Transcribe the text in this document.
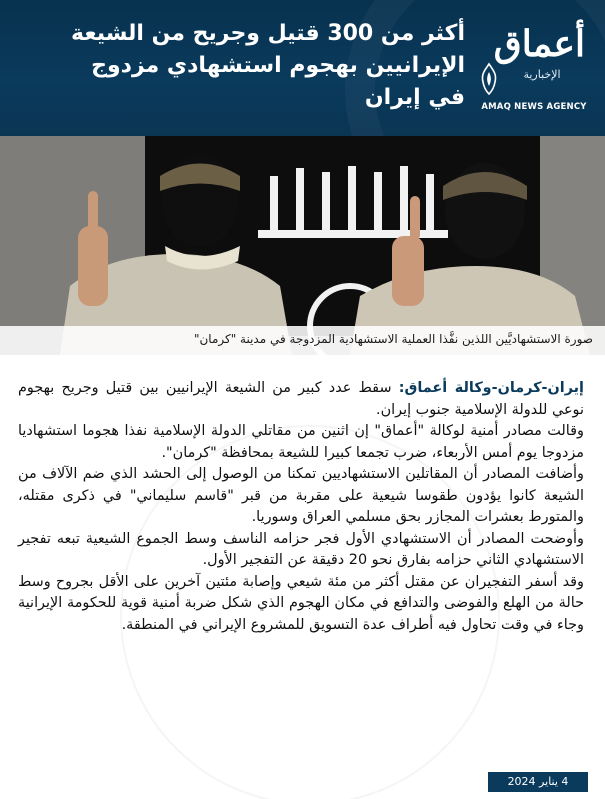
أكثر من 300 قتيل وجريح من الشيعة
الإيرانيين بهجوم استشهادي مزدوج
في إيران
أعماق
الإخبارية
AMAQ NEWS AGENCY
صورة الاستشهاديَّين اللذين نفَّذا العملية الاستشهادية المزدوجة في مدينة "كرمان"

إيران-كرمان-وكالة أعماق: سقط عدد كبير من الشيعة الإيرانيين بين قتيل وجريح بهجوم نوعي للدولة الإسلامية جنوب إيران.

وقالت مصادر أمنية لوكالة "أعماق" إن اثنين من مقاتلي الدولة الإسلامية نفذا هجوما استشهاديا مزدوجا يوم أمس الأربعاء، ضرب تجمعا كبيرا للشيعة بمحافظة "كرمان".

وأضافت المصادر أن المقاتلين الاستشهاديين تمكنا من الوصول إلى الحشد الذي ضم الآلاف من الشيعة كانوا يؤدون طقوسا شيعية على مقربة من قبر "قاسم سليماني" في ذكرى مقتله، والمتورط بعشرات المجازر بحق مسلمي العراق وسوريا.

وأوضحت المصادر أن الاستشهادي الأول فجر حزامه الناسف وسط الجموع الشيعية تبعه تفجير الاستشهادي الثاني حزامه بفارق نحو 20 دقيقة عن التفجير الأول.

وقد أسفر التفجيران عن مقتل أكثر من مئة شيعي وإصابة مئتين آخرين على الأقل بجروح وسط حالة من الهلع والفوضى والتدافع في مكان الهجوم الذي شكل ضربة أمنية قوية للحكومة الإيرانية وجاء في وقت تحاول فيه أطراف عدة التسويق للمشروع الإيراني في المنطقة.

4 يناير 2024
